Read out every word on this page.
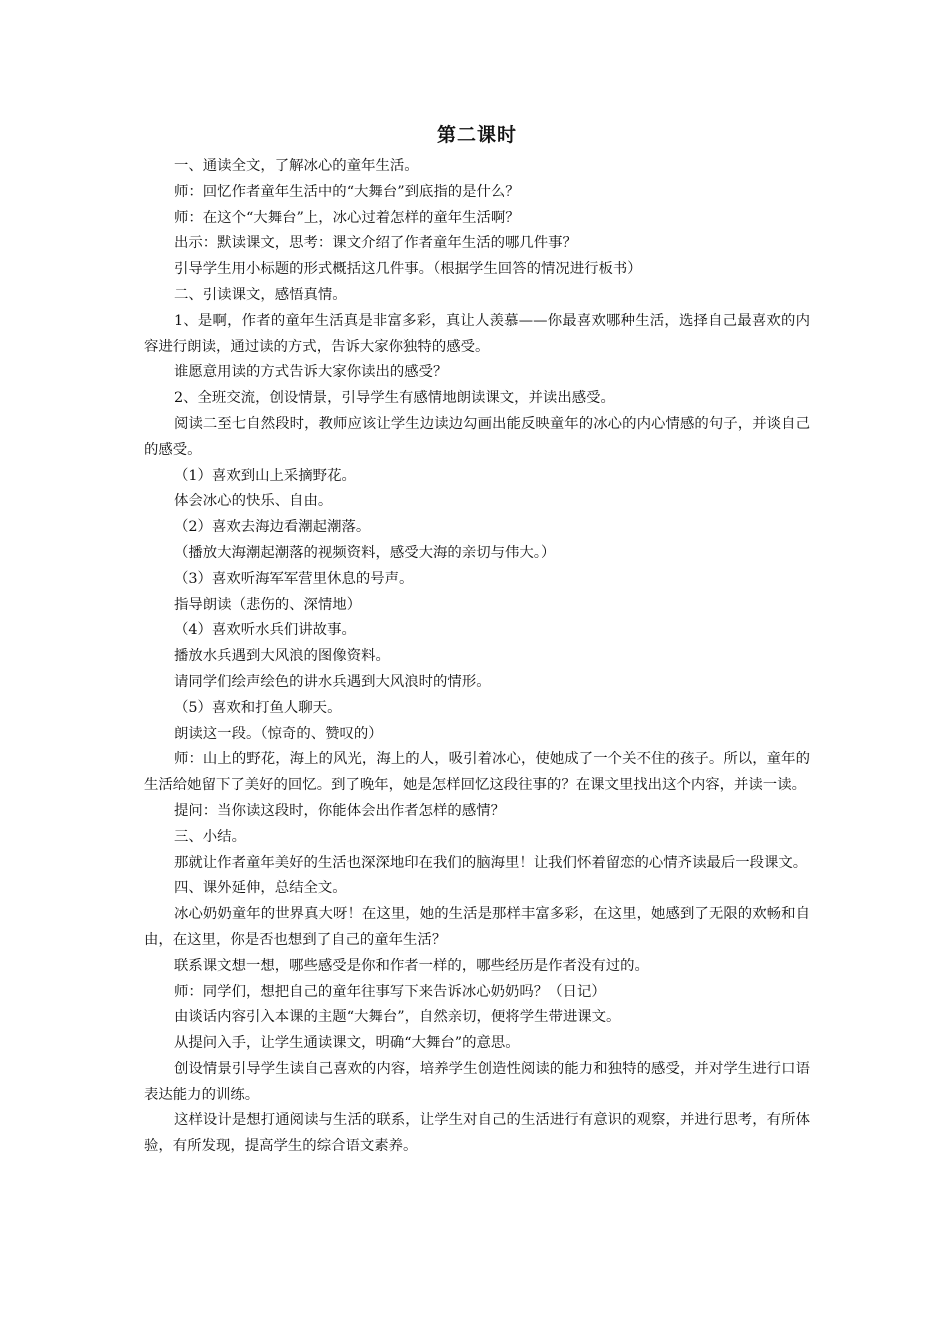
第二课时

一、通读全文，了解冰心的童年生活。

师：回忆作者童年生活中的“大舞台”到底指的是什么？

师：在这个“大舞台”上，冰心过着怎样的童年生活啊？

出示：默读课文，思考：课文介绍了作者童年生活的哪几件事？

引导学生用小标题的形式概括这几件事。（根据学生回答的情况进行板书）

二、引读课文，感悟真情。

1、是啊，作者的童年生活真是非富多彩，真让人羡慕——你最喜欢哪种生活，选择自己最喜欢的内容进行朗读，通过读的方式，告诉大家你独特的感受。

谁愿意用读的方式告诉大家你读出的感受？

2、全班交流，创设情景，引导学生有感情地朗读课文，并读出感受。

阅读二至七自然段时，教师应该让学生边读边勾画出能反映童年的冰心的内心情感的句子，并谈自己的感受。

（1）喜欢到山上采摘野花。

体会冰心的快乐、自由。

（2）喜欢去海边看潮起潮落。

（播放大海潮起潮落的视频资料，感受大海的亲切与伟大。）

（3）喜欢听海军军营里休息的号声。

指导朗读（悲伤的、深情地）

（4）喜欢听水兵们讲故事。

播放水兵遇到大风浪的图像资料。

请同学们绘声绘色的讲水兵遇到大风浪时的情形。

（5）喜欢和打鱼人聊天。

朗读这一段。（惊奇的、赞叹的）

师：山上的野花，海上的风光，海上的人，吸引着冰心，使她成了一个关不住的孩子。所以，童年的生活给她留下了美好的回忆。到了晚年，她是怎样回忆这段往事的？在课文里找出这个内容，并读一读。

提问：当你读这段时，你能体会出作者怎样的感情？

三、小结。

那就让作者童年美好的生活也深深地印在我们的脑海里！让我们怀着留恋的心情齐读最后一段课文。

四、课外延伸，总结全文。

冰心奶奶童年的世界真大呀！在这里，她的生活是那样丰富多彩，在这里，她感到了无限的欢畅和自由，在这里，你是否也想到了自己的童年生活？

联系课文想一想，哪些感受是你和作者一样的，哪些经历是作者没有过的。

师：同学们，想把自己的童年往事写下来告诉冰心奶奶吗？（日记）

由谈话内容引入本课的主题“大舞台”，自然亲切，便将学生带进课文。

从提问入手，让学生通读课文，明确“大舞台”的意思。

创设情景引导学生读自己喜欢的内容，培养学生创造性阅读的能力和独特的感受，并对学生进行口语表达能力的训练。

这样设计是想打通阅读与生活的联系，让学生对自己的生活进行有意识的观察，并进行思考，有所体验，有所发现，提高学生的综合语文素养。
